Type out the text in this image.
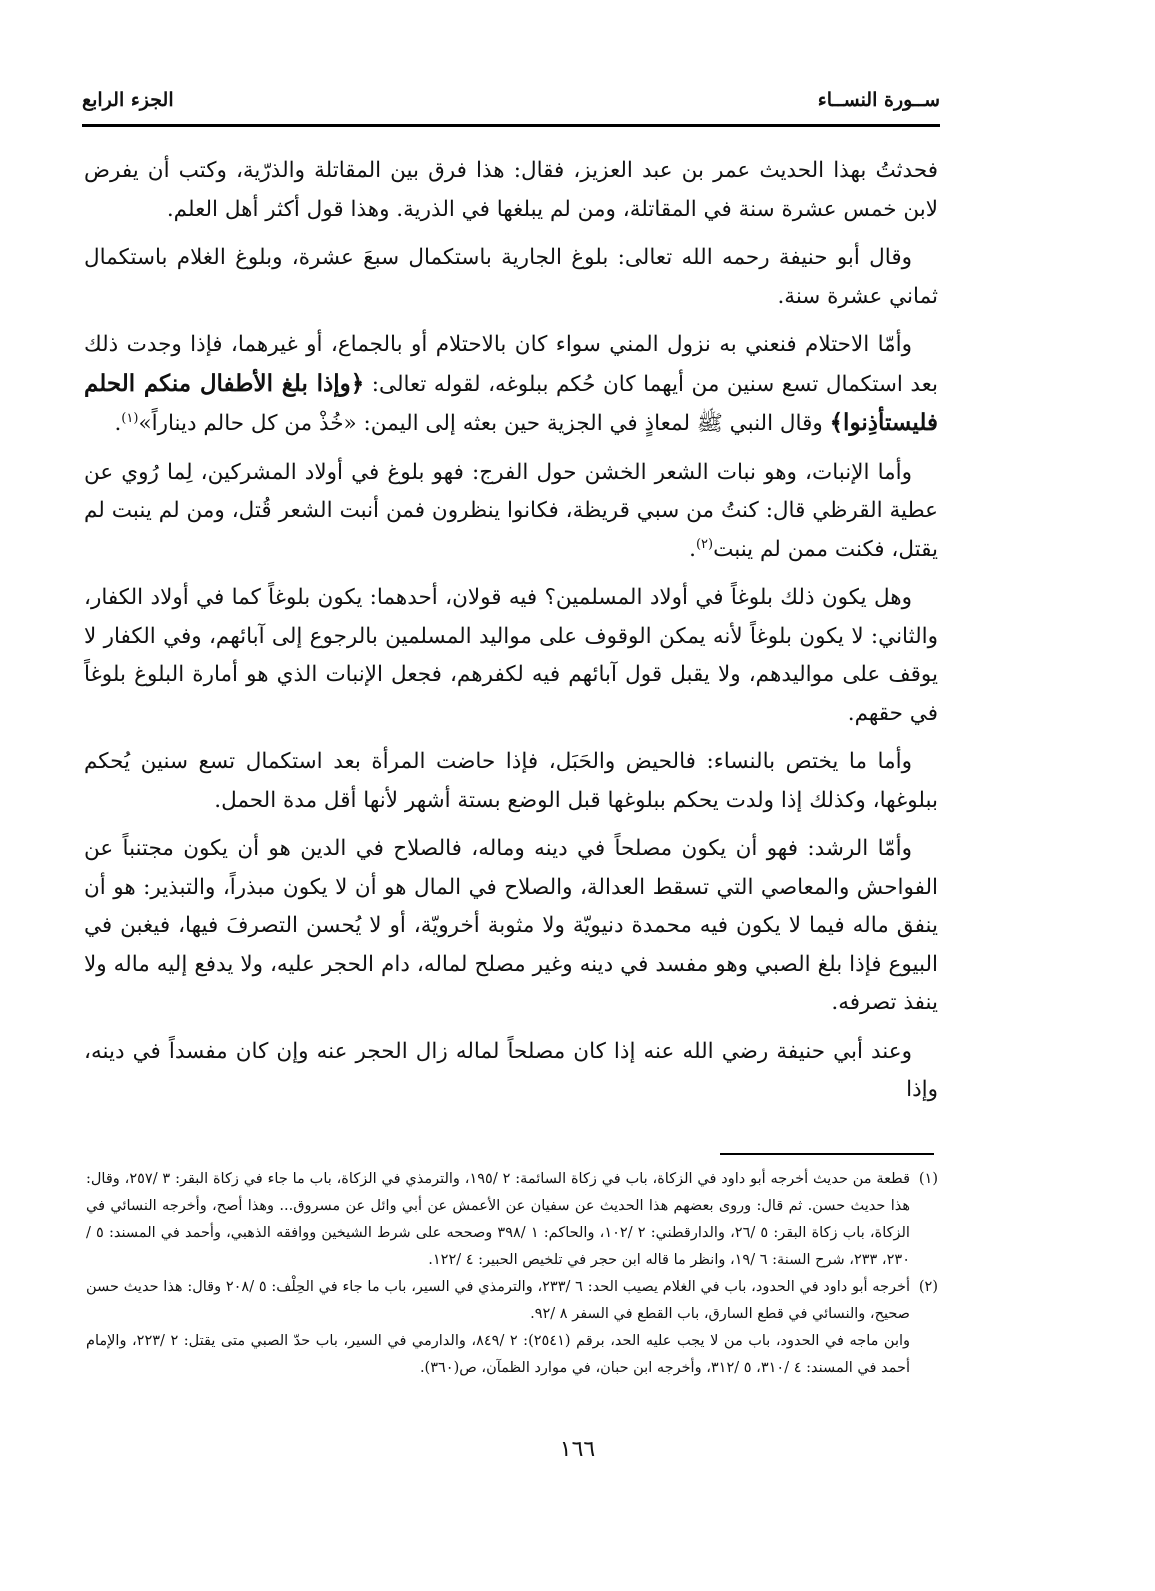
الجزء الرابع	ســورة النســاء

فحدثتُ بهذا الحديث عمر بن عبد العزيز، فقال: هذا فرق بين المقاتلة والذرّية، وكتب أن يفرض لابن خمس عشرة سنة في المقاتلة، ومن لم يبلغها في الذرية. وهذا قول أكثر أهل العلم.

وقال أبو حنيفة رحمه الله تعالى: بلوغ الجارية باستكمال سبعَ عشرة، وبلوغ الغلام باستكمال ثماني عشرة سنة.

وأمّا الاحتلام فنعني به نزول المني سواء كان بالاحتلام أو بالجماع، أو غيرهما، فإذا وجدت ذلك بعد استكمال تسع سنين من أيهما كان حُكم ببلوغه، لقوله تعالى: ﴿وإذا بلغ الأطفال منكم الحلم فليستأذِنوا﴾ وقال النبي ﷺ لمعاذٍ في الجزية حين بعثه إلى اليمن: «خُذْ من كل حالم ديناراً»$^{(١)}$.

وأما الإنبات، وهو نبات الشعر الخشن حول الفرج: فهو بلوغ في أولاد المشركين، لِما رُوي عن عطية القرظي قال: كنتُ من سبي قريظة، فكانوا ينظرون فمن أنبت الشعر قُتل، ومن لم ينبت لم يقتل، فكنت ممن لم ينبت$^{(٢)}$.

وهل يكون ذلك بلوغاً في أولاد المسلمين؟ فيه قولان، أحدهما: يكون بلوغاً كما في أولاد الكفار، والثاني: لا يكون بلوغاً لأنه يمكن الوقوف على مواليد المسلمين بالرجوع إلى آبائهم، وفي الكفار لا يوقف على مواليدهم، ولا يقبل قول آبائهم فيه لكفرهم، فجعل الإنبات الذي هو أمارة البلوغ بلوغاً في حقهم.

وأما ما يختص بالنساء: فالحيض والحَبَل، فإذا حاضت المرأة بعد استكمال تسع سنين يُحكم ببلوغها، وكذلك إذا ولدت يحكم ببلوغها قبل الوضع بستة أشهر لأنها أقل مدة الحمل.

وأمّا الرشد: فهو أن يكون مصلحاً في دينه وماله، فالصلاح في الدين هو أن يكون مجتنباً عن الفواحش والمعاصي التي تسقط العدالة، والصلاح في المال هو أن لا يكون مبذراً، والتبذير: هو أن ينفق ماله فيما لا يكون فيه محمدة دنيويّة ولا مثوبة أخرويّة، أو لا يُحسن التصرفَ فيها، فيغبن في البيوع فإذا بلغ الصبي وهو مفسد في دينه وغير مصلح لماله، دام الحجر عليه، ولا يدفع إليه ماله ولا ينفذ تصرفه.

وعند أبي حنيفة رضي الله عنه إذا كان مصلحاً لماله زال الحجر عنه وإن كان مفسداً في دينه، وإذا

(١)
قطعة من حديث أخرجه أبو داود في الزكاة، باب في زكاة السائمة: ٢ /١٩٥، والترمذي في الزكاة، باب ما جاء في زكاة البقر: ٣ /٢٥٧، وقال: هذا حديث حسن. ثم قال: وروى بعضهم هذا الحديث عن سفيان عن الأعمش عن أبي وائل عن مسروق... وهذا أصح، وأخرجه النسائي في الزكاة، باب زكاة البقر: ٥ /٢٦، والدارقطني: ٢ /١٠٢، والحاكم: ١ /٣٩٨ وصححه على شرط الشيخين ووافقه الذهبي، وأحمد في المسند: ٥ /٢٣٠، ٢٣٣، شرح السنة: ٦ /١٩، وانظر ما قاله ابن حجر في تلخيص الحبير: ٤ /١٢٢.
(٢)
أخرجه أبو داود في الحدود، باب في الغلام يصيب الحد: ٦ /٢٣٣، والترمذي في السير، باب ما جاء في الحِلْف: ٥ /٢٠٨ وقال: هذا حديث حسن صحيح، والنسائي في قطع السارق، باب القطع في السفر ٨ /٩٢.
وابن ماجه في الحدود، باب من لا يجب عليه الحد، برقم (٢٥٤١): ٢ /٨٤٩، والدارمي في السير، باب حدّ الصبي متى يقتل: ٢ /٢٢٣، والإمام أحمد في المسند: ٤ /٣١٠، ٥ /٣١٢، وأخرجه ابن حبان، في موارد الظمآن، ص(٣٦٠).
١٦٦
